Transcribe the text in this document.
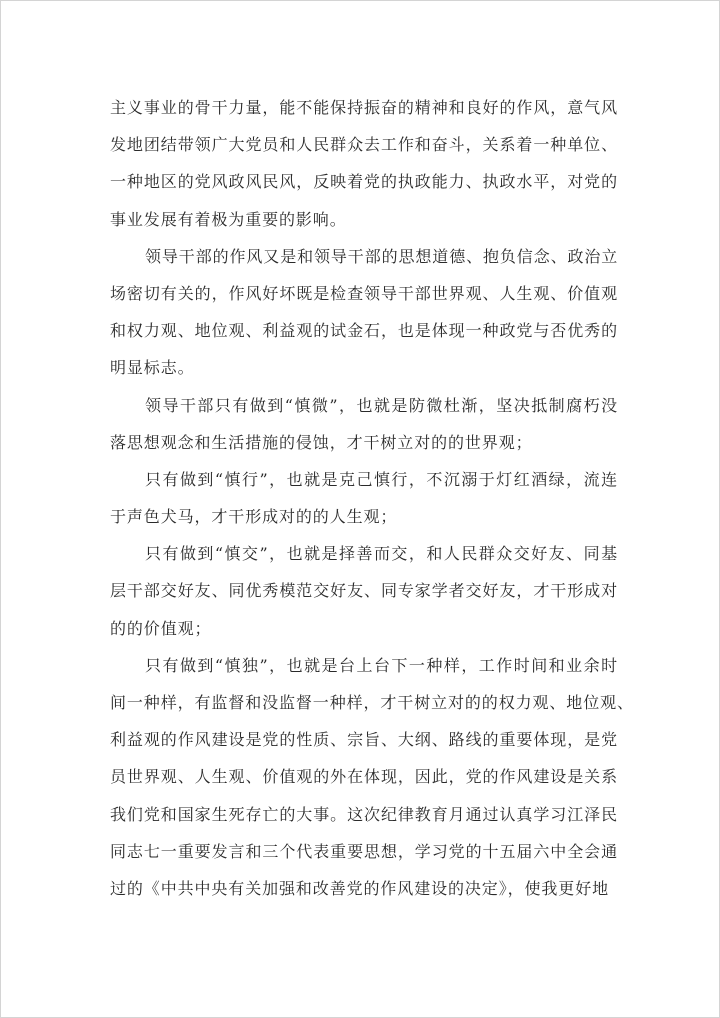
主义事业的骨干力量，能不能保持振奋的精神和良好的作风，意气风
发地团结带领广大党员和人民群众去工作和奋斗，关系着一种单位、
一种地区的党风政风民风，反映着党的执政能力、执政水平，对党的
事业发展有着极为重要的影响。
领导干部的作风又是和领导干部的思想道德、抱负信念、政治立
场密切有关的，作风好坏既是检查领导干部世界观、人生观、价值观
和权力观、地位观、利益观的试金石，也是体现一种政党与否优秀的
明显标志。
领导干部只有做到“慎微”，也就是防微杜渐，坚决抵制腐朽没
落思想观念和生活措施的侵蚀，才干树立对的的世界观；
只有做到“慎行”，也就是克己慎行，不沉溺于灯红酒绿，流连
于声色犬马，才干形成对的的人生观；
只有做到“慎交”，也就是择善而交，和人民群众交好友、同基
层干部交好友、同优秀模范交好友、同专家学者交好友，才干形成对
的的价值观；
只有做到“慎独”，也就是台上台下一种样，工作时间和业余时
间一种样，有监督和没监督一种样，才干树立对的的权力观、地位观、
利益观的作风建设是党的性质、宗旨、大纲、路线的重要体现，是党
员世界观、人生观、价值观的外在体现，因此，党的作风建设是关系
我们党和国家生死存亡的大事。这次纪律教育月通过认真学习江泽民
同志七一重要发言和三个代表重要思想，学习党的十五届六中全会通
过的《中共中央有关加强和改善党的作风建设的决定》，使我更好地
